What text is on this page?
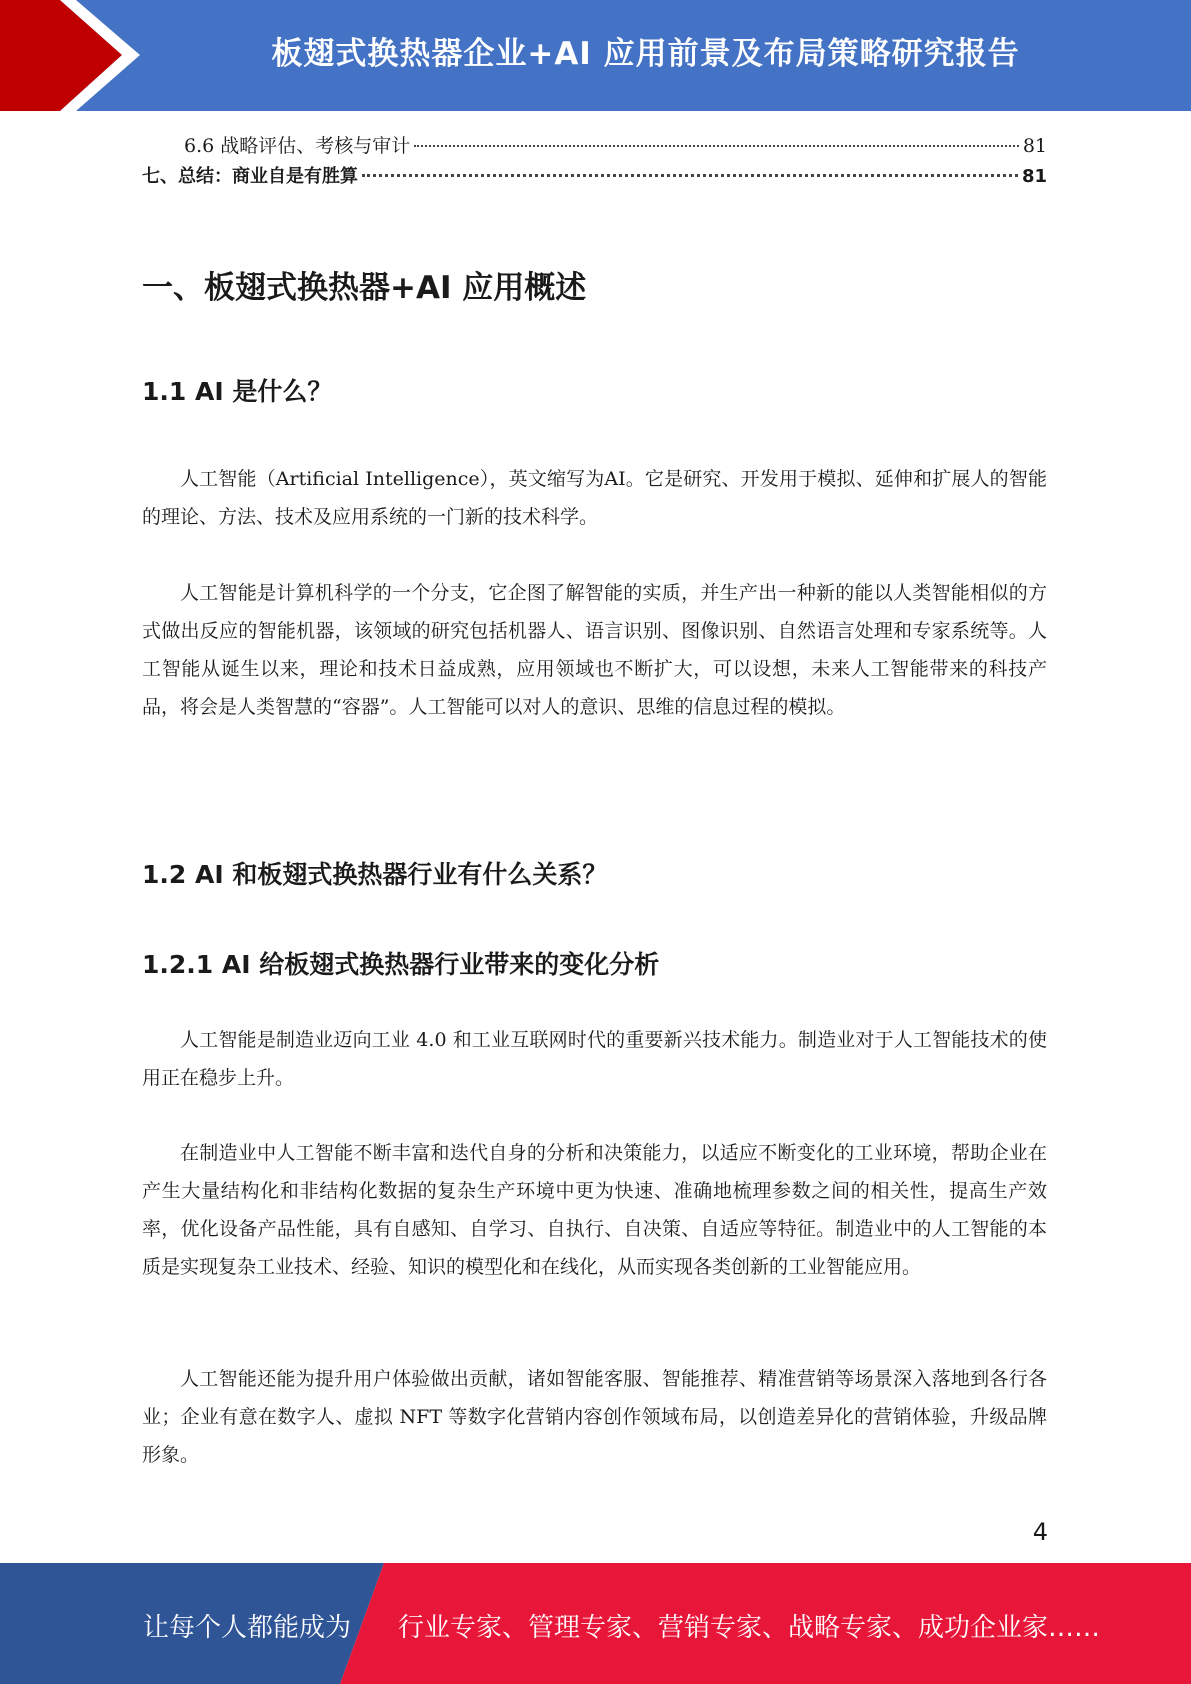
板翅式换热器企业+AI 应用前景及布局策略研究报告
6.6 战略评估、考核与审计	81
七、总结：商业自是有胜算	81
一、板翅式换热器+AI 应用概述
1.1 AI 是什么？

人工智能（Artificial Intelligence），英文缩写为AI。它是研究、开发用于模拟、延伸和扩展人的智能的理论、方法、技术及应用系统的一门新的技术科学。

人工智能是计算机科学的一个分支，它企图了解智能的实质，并生产出一种新的能以人类智能相似的方式做出反应的智能机器，该领域的研究包括机器人、语言识别、图像识别、自然语言处理和专家系统等。人工智能从诞生以来，理论和技术日益成熟，应用领域也不断扩大，可以设想，未来人工智能带来的科技产品，将会是人类智慧的“容器”。人工智能可以对人的意识、思维的信息过程的模拟。

1.2 AI 和板翅式换热器行业有什么关系？
1.2.1 AI 给板翅式换热器行业带来的变化分析

人工智能是制造业迈向工业 4.0 和工业互联网时代的重要新兴技术能力。制造业对于人工智能技术的使用正在稳步上升。

在制造业中人工智能不断丰富和迭代自身的分析和决策能力，以适应不断变化的工业环境，帮助企业在产生大量结构化和非结构化数据的复杂生产环境中更为快速、准确地梳理参数之间的相关性，提高生产效率，优化设备产品性能，具有自感知、自学习、自执行、自决策、自适应等特征。制造业中的人工智能的本质是实现复杂工业技术、经验、知识的模型化和在线化，从而实现各类创新的工业智能应用。

人工智能还能为提升用户体验做出贡献，诸如智能客服、智能推荐、精准营销等场景深入落地到各行各业；企业有意在数字人、虚拟 NFT 等数字化营销内容创作领域布局，以创造差异化的营销体验，升级品牌形象。

4
让每个人都能成为 行业专家、管理专家、营销专家、战略专家、成功企业家……
